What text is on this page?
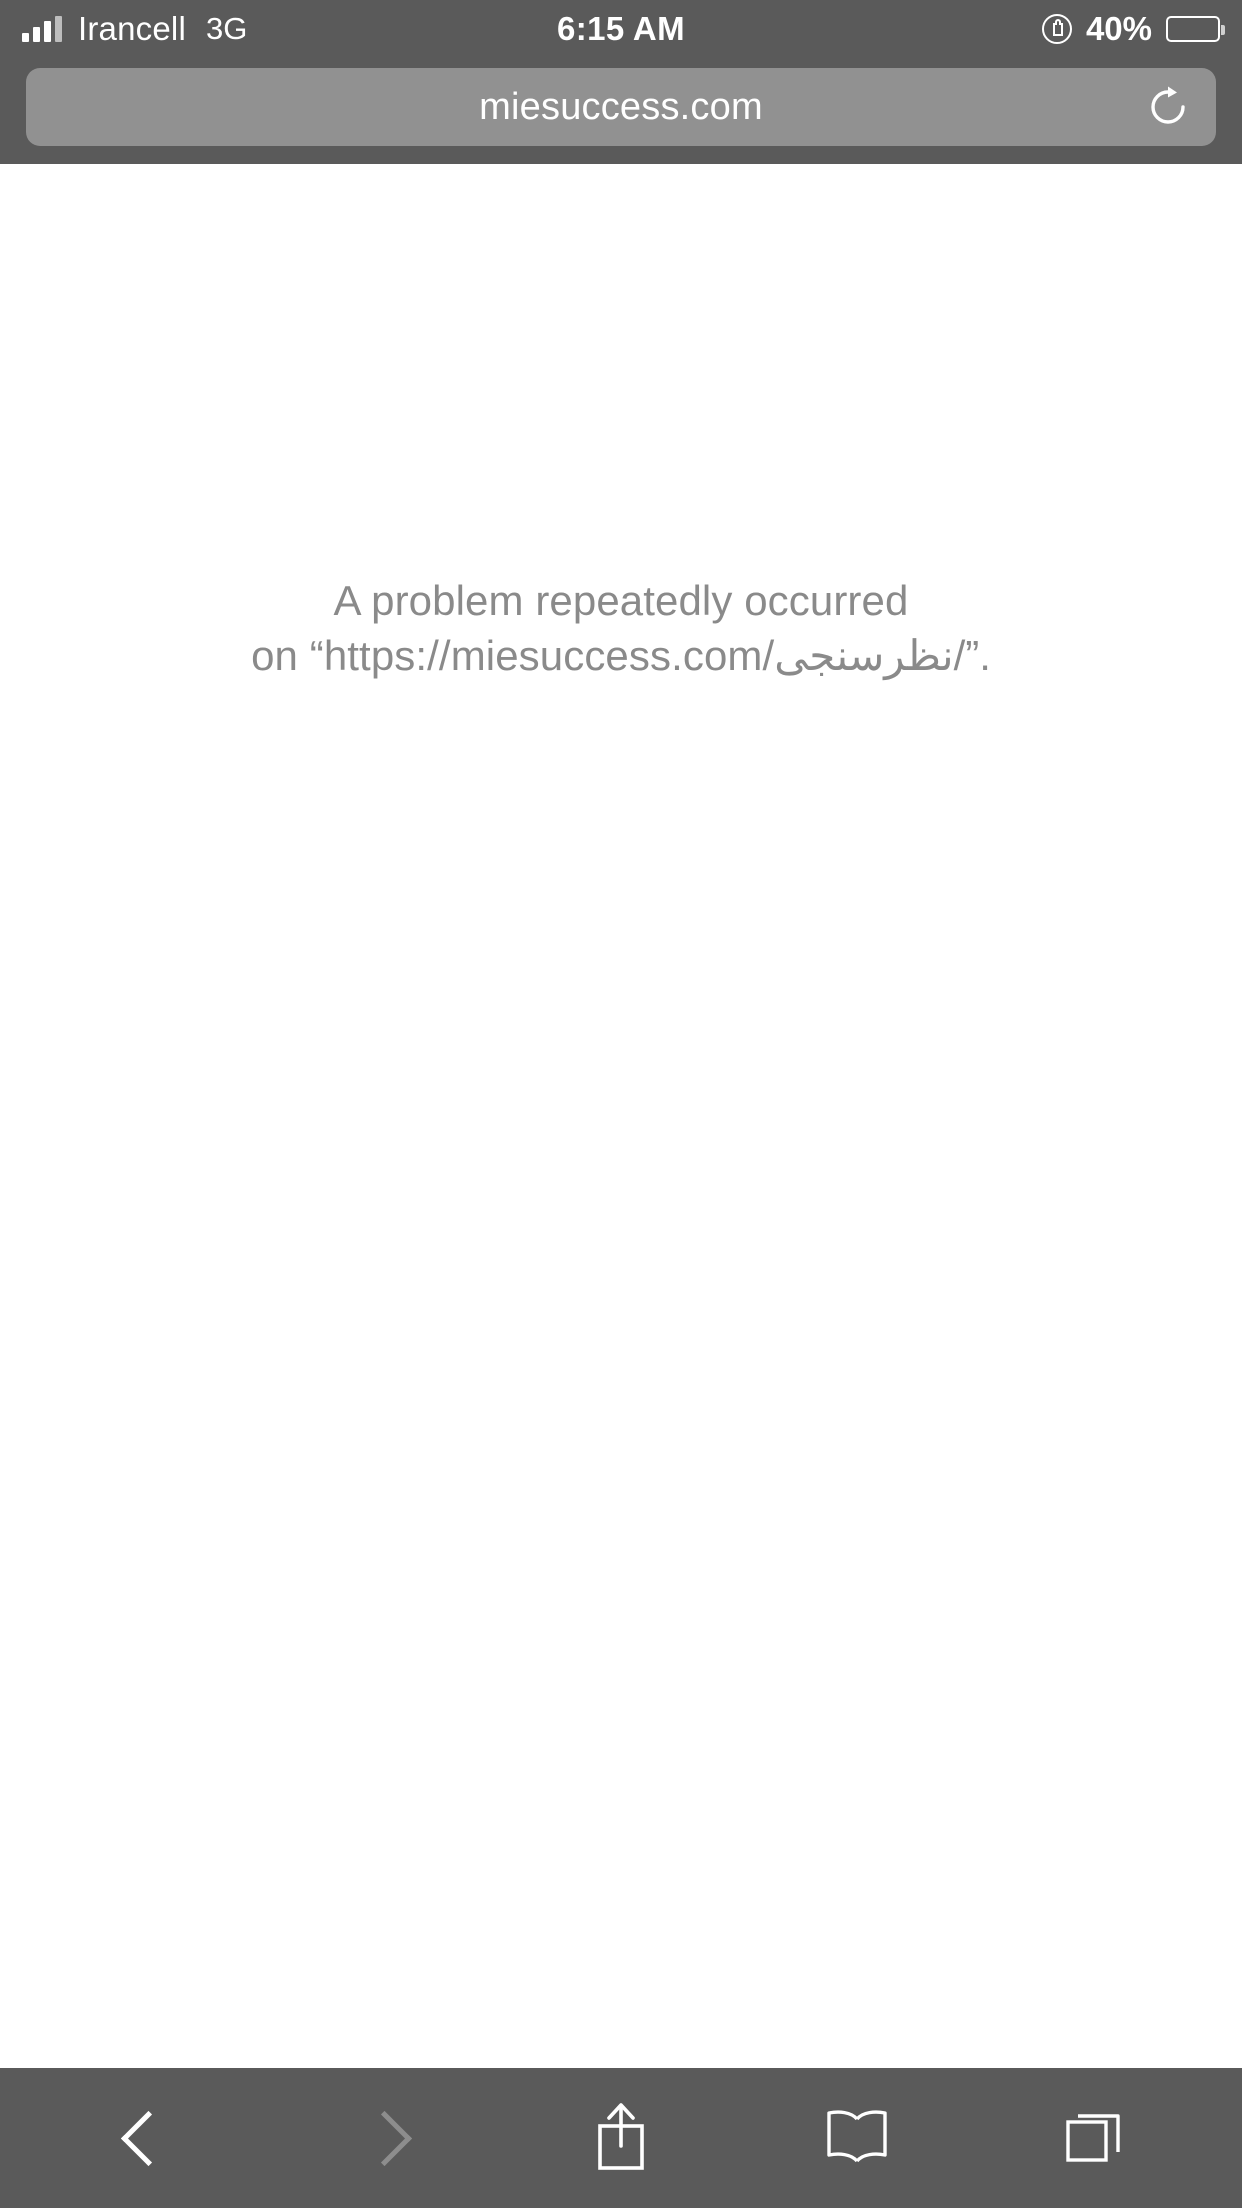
Irancell 3G	6:15 AM	40%
miesuccess.com
A problem repeatedly occurred
on “https://miesuccess.com/نظرسنجی/”.
